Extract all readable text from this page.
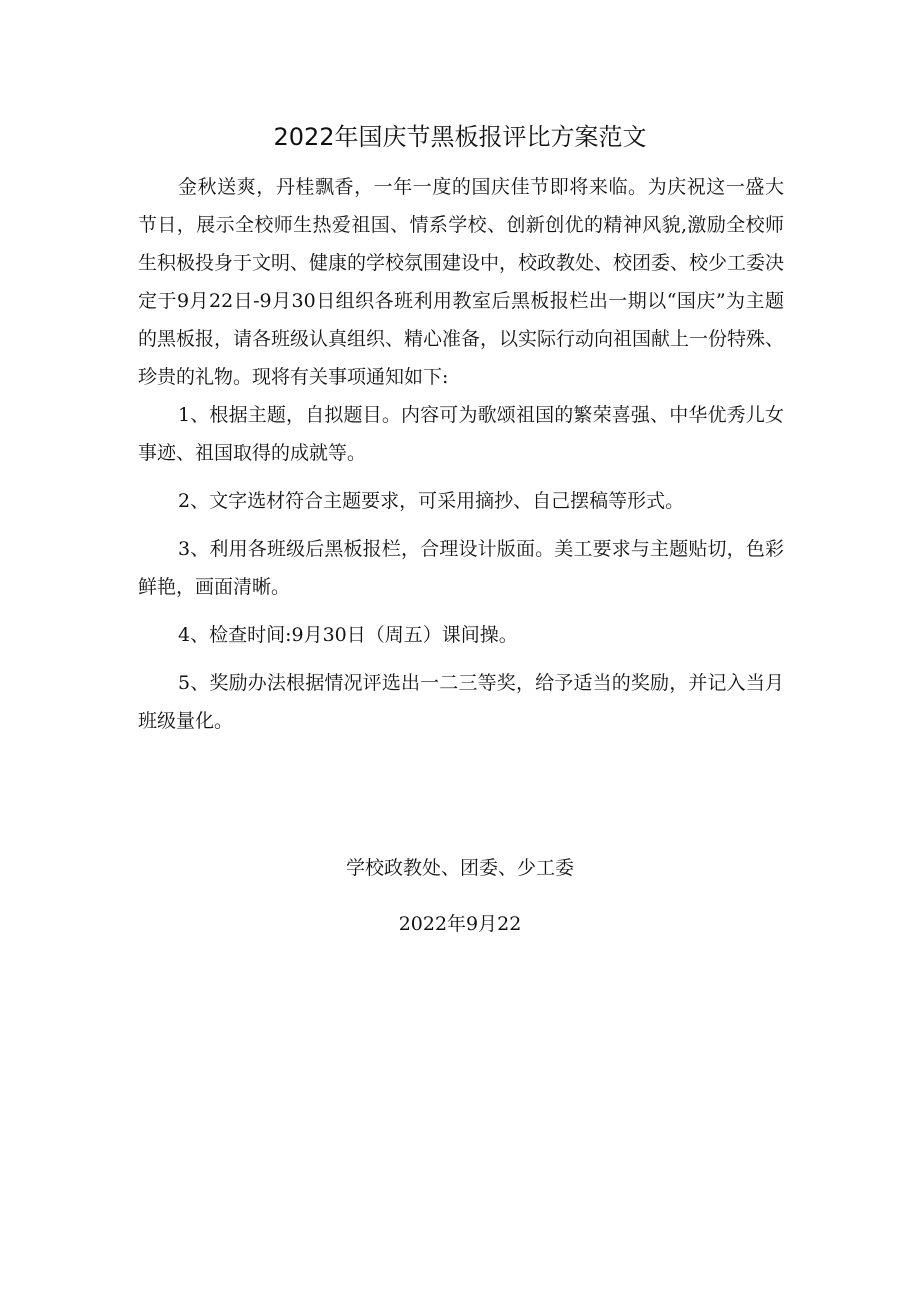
2022年国庆节黑板报评比方案范文

金秋送爽，丹桂飘香，一年一度的国庆佳节即将来临。为庆祝这一盛大节日，展示全校师生热爱祖国、情系学校、创新创优的精神风貌,激励全校师生积极投身于文明、健康的学校氛围建设中，校政教处、校团委、校少工委决定于9月22日-9月30日组织各班利用教室后黑板报栏出一期以“国庆”为主题的黑板报，请各班级认真组织、精心准备，以实际行动向祖国献上一份特殊、珍贵的礼物。现将有关事项通知如下:

1、根据主题，自拟题目。内容可为歌颂祖国的繁荣喜强、中华优秀儿女事迹、祖国取得的成就等。

2、文字选材符合主题要求，可采用摘抄、自己摆稿等形式。

3、利用各班级后黑板报栏，合理设计版面。美工要求与主题贴切，色彩鲜艳，画面清晰。

4、检查时间:9月30日（周五）课间操。

5、奖励办法根据情况评选出一二三等奖，给予适当的奖励，并记入当月班级量化。

学校政教处、团委、少工委

2022年9月22
